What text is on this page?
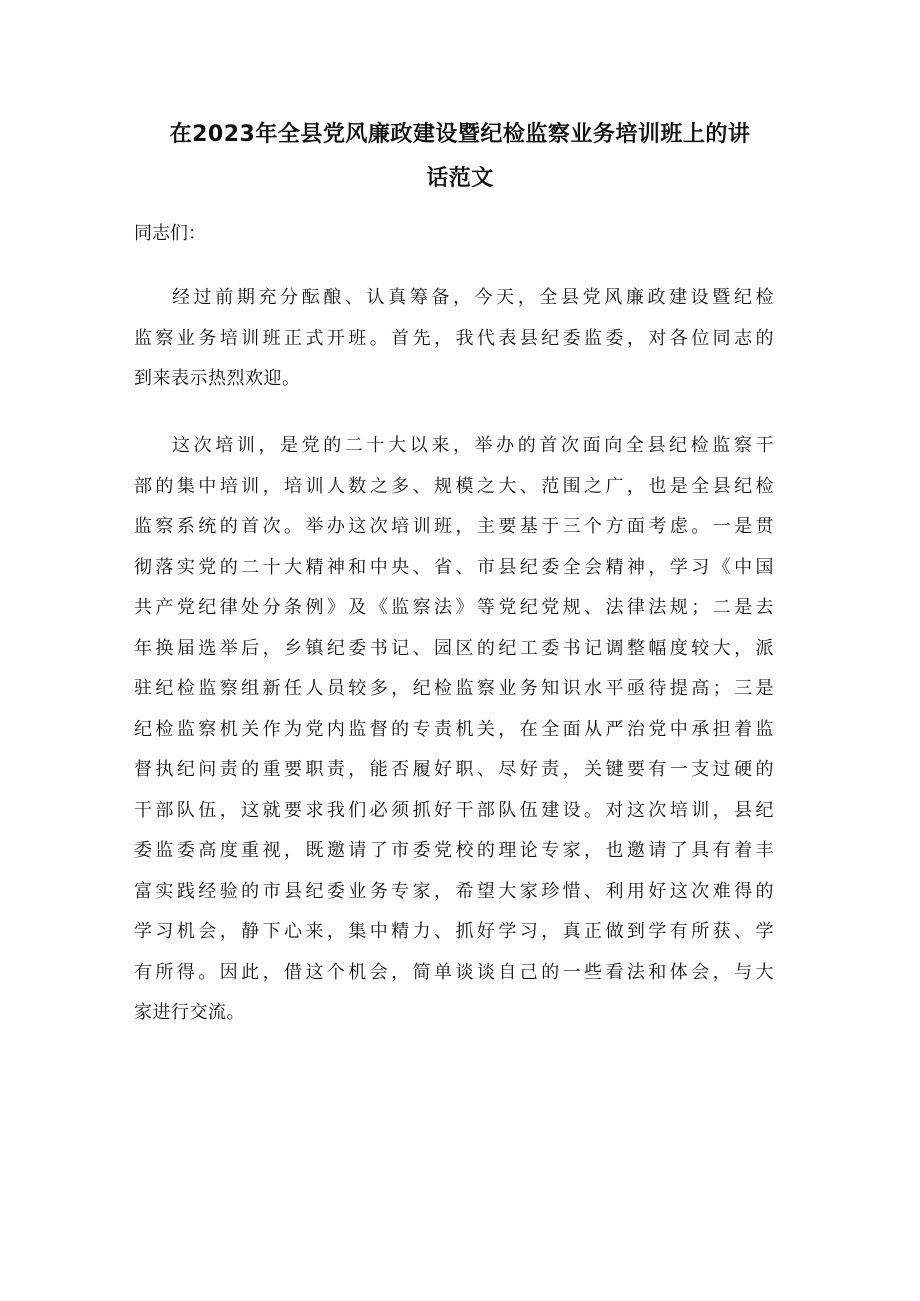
在2023年全县党风廉政建设暨纪检监察业务培训班上的讲
话范文
同志们：
经过前期充分酝酿、认真筹备，今天，全县党风廉政建设暨纪检
监察业务培训班正式开班。首先，我代表县纪委监委，对各位同志的
到来表示热烈欢迎。
这次培训，是党的二十大以来，举办的首次面向全县纪检监察干
部的集中培训，培训人数之多、规模之大、范围之广，也是全县纪检
监察系统的首次。举办这次培训班，主要基于三个方面考虑。一是贯
彻落实党的二十大精神和中央、省、市县纪委全会精神，学习《中国
共产党纪律处分条例》及《监察法》等党纪党规、法律法规；二是去
年换届选举后，乡镇纪委书记、园区的纪工委书记调整幅度较大，派
驻纪检监察组新任人员较多，纪检监察业务知识水平亟待提高；三是
纪检监察机关作为党内监督的专责机关，在全面从严治党中承担着监
督执纪问责的重要职责，能否履好职、尽好责，关键要有一支过硬的
干部队伍，这就要求我们必须抓好干部队伍建设。对这次培训，县纪
委监委高度重视，既邀请了市委党校的理论专家，也邀请了具有着丰
富实践经验的市县纪委业务专家，希望大家珍惜、利用好这次难得的
学习机会，静下心来，集中精力、抓好学习，真正做到学有所获、学
有所得。因此，借这个机会，简单谈谈自己的一些看法和体会，与大
家进行交流。
